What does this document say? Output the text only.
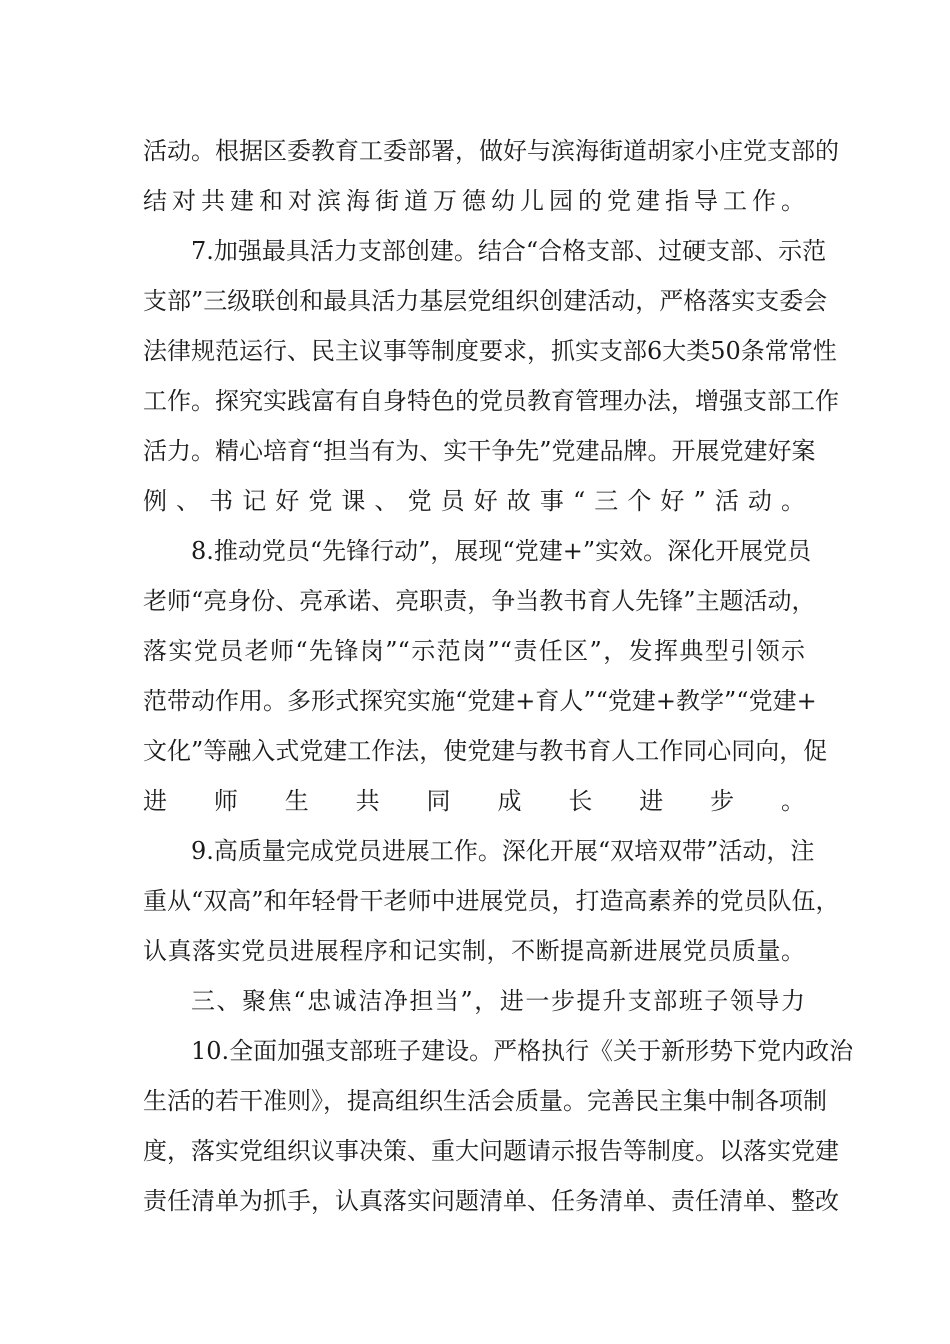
活动。根据区委教育工委部署，做好与滨海街道胡家小庄党支部的
结对共建和对滨海街道万德幼儿园的党建指导工作。
7.加强最具活力支部创建。结合“合格支部、过硬支部、示范
支部”三级联创和最具活力基层党组织创建活动，严格落实支委会
法律规范运行、民主议事等制度要求，抓实支部6大类50条常常性
工作。探究实践富有自身特色的党员教育管理办法，增强支部工作
活力。精心培育“担当有为、实干争先”党建品牌。开展党建好案
例、书记好党课、党员好故事“三个好”活动。
8.推动党员“先锋行动”，展现“党建+”实效。深化开展党员
老师“亮身份、亮承诺、亮职责，争当教书育人先锋”主题活动，
落实党员老师“先锋岗”“示范岗”“责任区”，发挥典型引领示
范带动作用。多形式探究实施“党建+育人”“党建+教学”“党建+
文化”等融入式党建工作法，使党建与教书育人工作同心同向，促
进师生共同成长进步。
9.高质量完成党员进展工作。深化开展“双培双带”活动，注
重从“双高”和年轻骨干老师中进展党员，打造高素养的党员队伍，
认真落实党员进展程序和记实制，不断提高新进展党员质量。
三、聚焦“忠诚洁净担当”，进一步提升支部班子领导力
10.全面加强支部班子建设。严格执行《关于新形势下党内政治
生活的若干准则》，提高组织生活会质量。完善民主集中制各项制
度，落实党组织议事决策、重大问题请示报告等制度。以落实党建
责任清单为抓手，认真落实问题清单、任务清单、责任清单、整改
